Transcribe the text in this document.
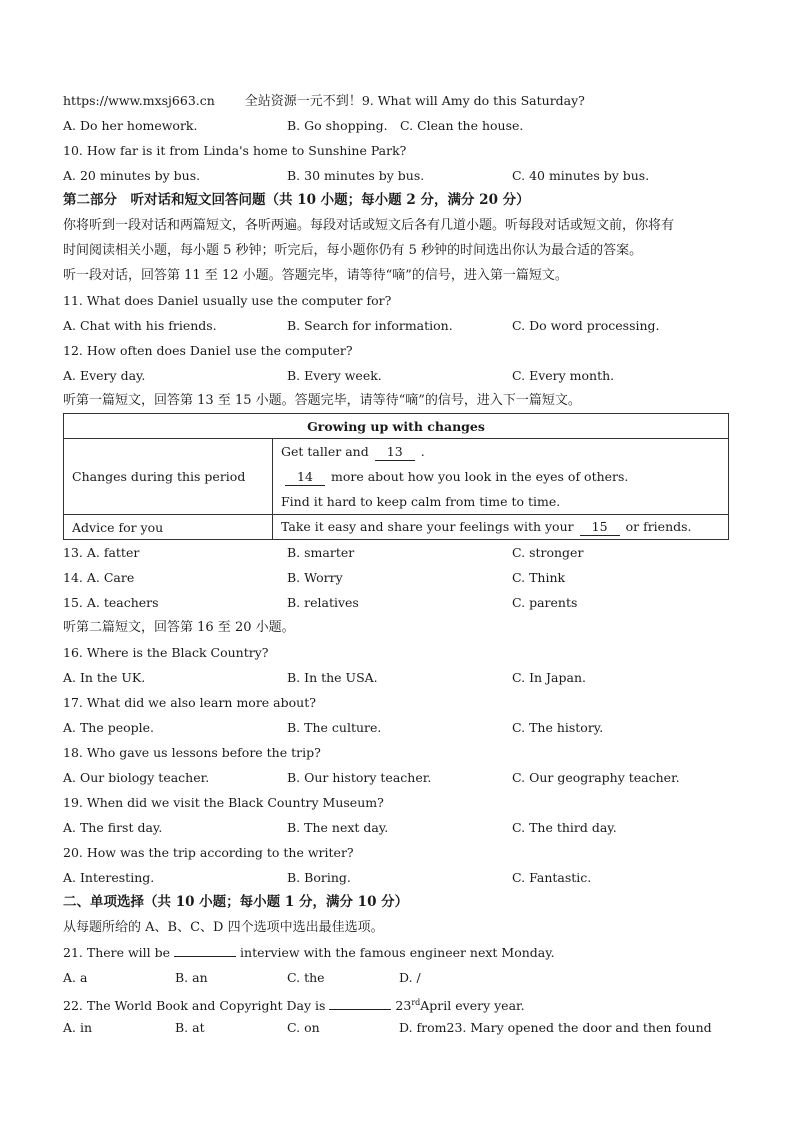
https://www.mxsj663.cn 全站资源一元不到！9. What will Amy do this Saturday?
A. Do her homework.	B. Go shopping. C. Clean the house.
10. How far is it from Linda's home to Sunshine Park?
A. 20 minutes by bus.	B. 30 minutes by bus.	C. 40 minutes by bus.
第二部分　听对话和短文回答问题（共 10 小题；每小题 2 分，满分 20 分）
你将听到一段对话和两篇短文，各听两遍。每段对话或短文后各有几道小题。听每段对话或短文前，你将有
时间阅读相关小题，每小题 5 秒钟；听完后，每小题你仍有 5 秒钟的时间选出你认为最合适的答案。
听一段对话，回答第 11 至 12 小题。答题完毕，请等待“嘀”的信号，进入第一篇短文。
11. What does Daniel usually use the computer for?
A. Chat with his friends.	B. Search for information.	C. Do word processing.
12. How often does Daniel use the computer?
A. Every day.	B. Every week.	C. Every month.
听第一篇短文，回答第 13 至 15 小题。答题完毕，请等待“嘀”的信号，进入下一篇短文。
Growing up with changes	
Changes during this period	Get taller and 13 .
14 more about how you look in the eyes of others.
Find it hard to keep calm from time to time.

Advice for you	Take it easy and share your feelings with your 15 or friends.
13. A. fatter	B. smarter	C. stronger
14. A. Care	B. Worry	C. Think
15. A. teachers	B. relatives	C. parents
听第二篇短文，回答第 16 至 20 小题。
16. Where is the Black Country?
A. In the UK.	B. In the USA.	C. In Japan.
17. What did we also learn more about?
A. The people.	B. The culture.	C. The history.
18. Who gave us lessons before the trip?
A. Our biology teacher.	B. Our history teacher.	C. Our geography teacher.
19. When did we visit the Black Country Museum?
A. The first day.	B. The next day.	C. The third day.
20. How was the trip according to the writer?
A. Interesting.	B. Boring.	C. Fantastic.
二、单项选择（共 10 小题；每小题 1 分，满分 10 分）
从每题所给的 A、B、C、D 四个选项中选出最佳选项。
21. There will be	interview with the famous engineer next Monday.
A. a	B. an	C. the	D. /
22. The World Book and Copyright Day is	23rdApril every year.
A. in	B. at	C. on	D. from23. Mary opened the door and then found
